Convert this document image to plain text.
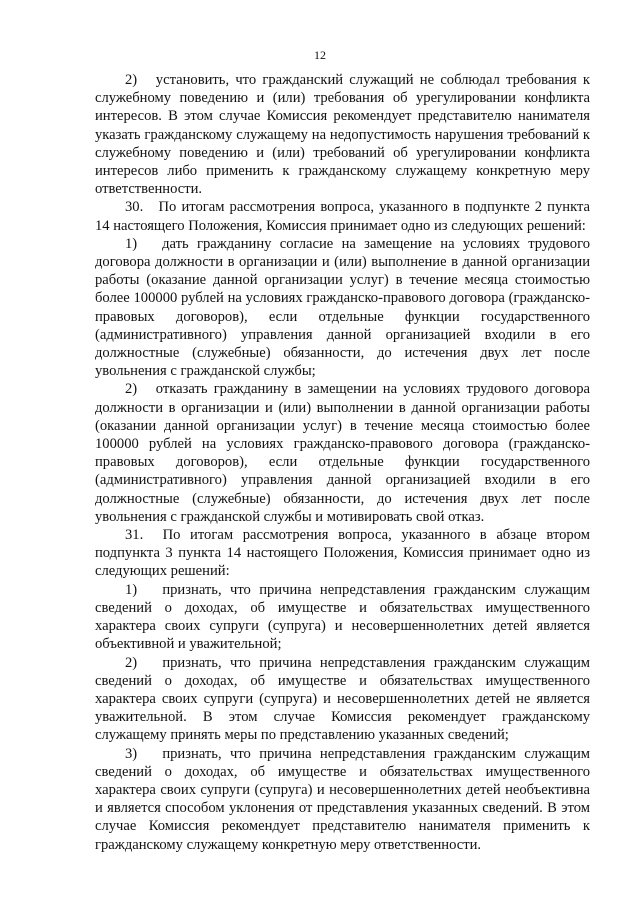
12

2)   установить, что гражданский служащий не соблюдал требования к служебному поведению и (или) требования об урегулировании конфликта интересов. В этом случае Комиссия рекомендует представителю нанимателя указать гражданскому служащему на недопустимость нарушения требований к служебному поведению и (или) требований об урегулировании конфликта интересов либо применить к гражданскому служащему конкретную меру ответственности.

30.   По итогам рассмотрения вопроса, указанного в подпункте 2 пункта 14 настоящего Положения, Комиссия принимает одно из следующих решений:

1)   дать гражданину согласие на замещение на условиях трудового договора должности в организации и (или) выполнение в данной организации работы (оказание данной организации услуг) в течение месяца стоимостью более 100000 рублей на условиях гражданско-правового договора (гражданско-правовых договоров), если отдельные функции государственного (административного) управления данной организацией входили в его должностные (служебные) обязанности, до истечения двух лет после увольнения с гражданской службы;

2)   отказать гражданину в замещении на условиях трудового договора должности в организации и (или) выполнении в данной организации работы (оказании данной организации услуг) в течение месяца стоимостью более 100000 рублей на условиях гражданско-правового договора (гражданско-правовых договоров), если отдельные функции государственного (административного) управления данной организацией входили в его должностные (служебные) обязанности, до истечения двух лет после увольнения с гражданской службы и мотивировать свой отказ.

31.  По итогам рассмотрения вопроса, указанного в абзаце втором подпункта 3 пункта 14 настоящего Положения, Комиссия принимает одно из следующих решений:

1)   признать, что причина непредставления гражданским служащим сведений о доходах, об имуществе и обязательствах имущественного характера своих супруги (супруга) и несовершеннолетних детей является объективной и уважительной;

2)   признать, что причина непредставления гражданским служащим сведений о доходах, об имуществе и обязательствах имущественного характера своих супруги (супруга) и несовершеннолетних детей не является уважительной. В этом случае Комиссия рекомендует гражданскому служащему принять меры по представлению указанных сведений;

3)   признать, что причина непредставления гражданским служащим сведений о доходах, об имуществе и обязательствах имущественного характера своих супруги (супруга) и несовершеннолетних детей необъективна и является способом уклонения от представления указанных сведений. В этом случае Комиссия рекомендует представителю нанимателя применить к гражданскому служащему конкретную меру ответственности.
